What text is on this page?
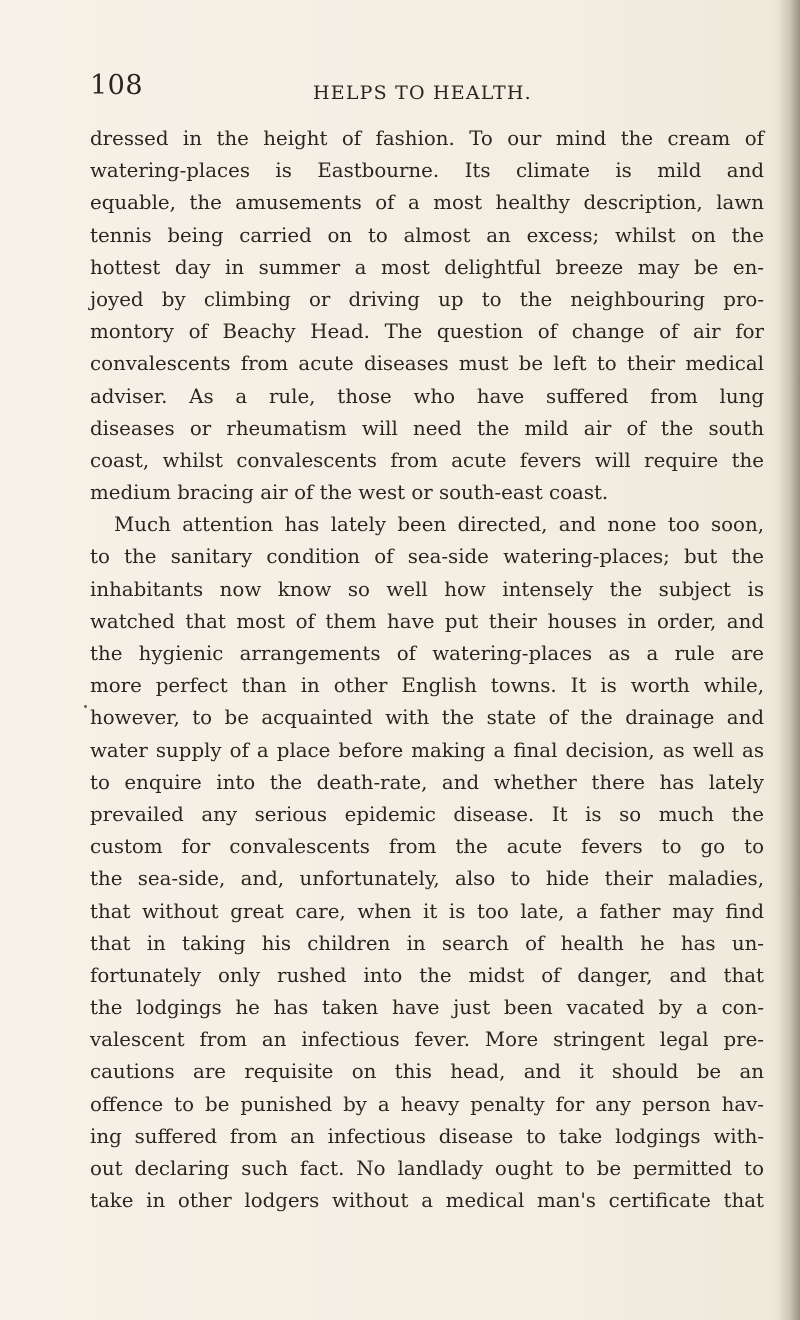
108	HELPS TO HEALTH.
dressed in the height of fashion. To our mind the cream of
watering-places is Eastbourne. Its climate is mild and
equable, the amusements of a most healthy description, lawn
tennis being carried on to almost an excess; whilst on the
hottest day in summer a most delightful breeze may be en-
joyed by climbing or driving up to the neighbouring pro-
montory of Beachy Head. The question of change of air for
convalescents from acute diseases must be left to their medical
adviser. As a rule, those who have suffered from lung
diseases or rheumatism will need the mild air of the south
coast, whilst convalescents from acute fevers will require the
medium bracing air of the west or south-east coast.
Much attention has lately been directed, and none too soon,
to the sanitary condition of sea-side watering-places; but the
inhabitants now know so well how intensely the subject is
watched that most of them have put their houses in order, and
the hygienic arrangements of watering-places as a rule are
more perfect than in other English towns. It is worth while,
however, to be acquainted with the state of the drainage and
water supply of a place before making a final decision, as well as
to enquire into the death-rate, and whether there has lately
prevailed any serious epidemic disease. It is so much the
custom for convalescents from the acute fevers to go to
the sea-side, and, unfortunately, also to hide their maladies,
that without great care, when it is too late, a father may find
that in taking his children in search of health he has un-
fortunately only rushed into the midst of danger, and that
the lodgings he has taken have just been vacated by a con-
valescent from an infectious fever. More stringent legal pre-
cautions are requisite on this head, and it should be an
offence to be punished by a heavy penalty for any person hav-
ing suffered from an infectious disease to take lodgings with-
out declaring such fact. No landlady ought to be permitted to
take in other lodgers without a medical man's certificate that
